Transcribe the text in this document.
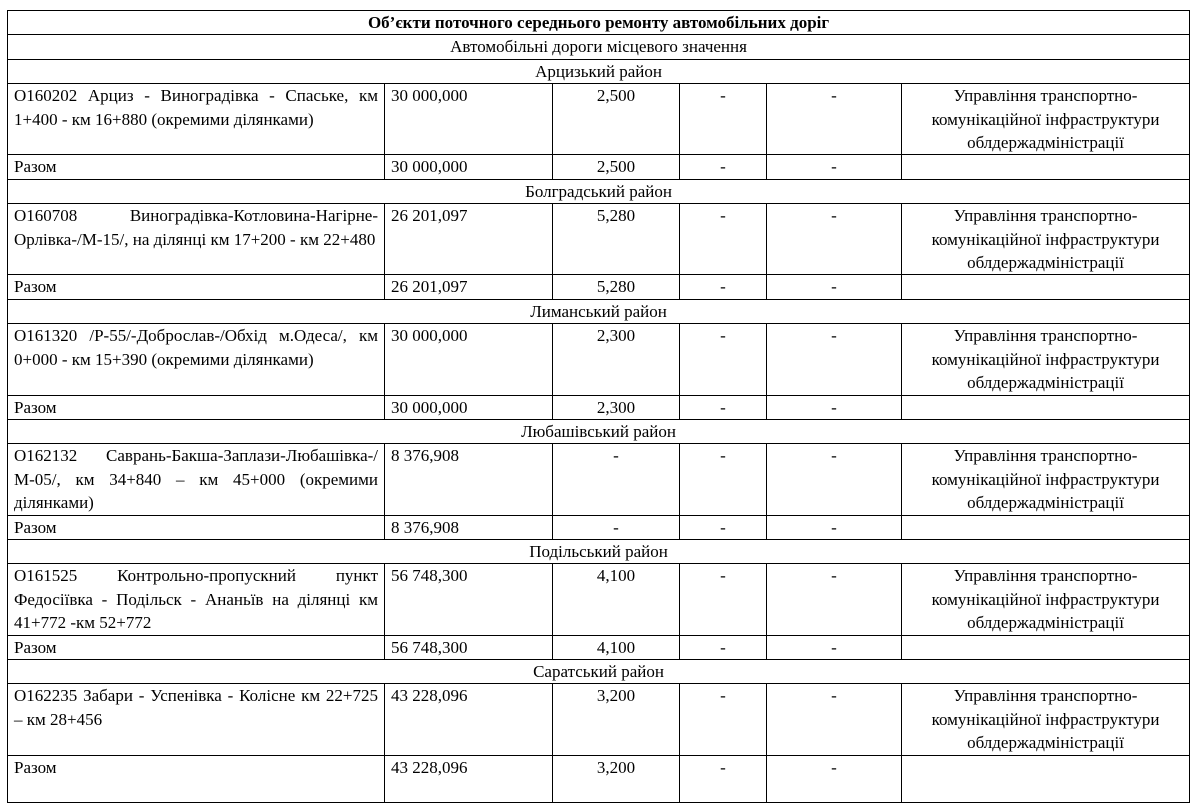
Об’єкти поточного середнього ремонту автомобільних доріг					
Автомобільні дороги місцевого значення					
Арцизький район					
О160202 Арциз - Виноградівка - Спаське, км 1+400 - км 16+880 (окремими ділянками)	30 000,000	2,500	-	-	Управління транспортно-комунікаційної інфраструктури облдержадміністрації
Разом	30 000,000	2,500	-	-	
Болградський район					
О160708 Виноградівка-Котловина-Нагірне-Орлівка-/М-15/, на ділянці км 17+200 - км 22+480	26 201,097	5,280	-	-	Управління транспортно-комунікаційної інфраструктури облдержадміністрації
Разом	26 201,097	5,280	-	-	
Лиманський район					
О161320 /Р-55/-Доброслав-/Обхід м.Одеса/, км 0+000 - км 15+390 (окремими ділянками)	30 000,000	2,300	-	-	Управління транспортно-комунікаційної інфраструктури облдержадміністрації
Разом	30 000,000	2,300	-	-	
Любашівський район					
О162132 Саврань-Бакша-Заплази-Любашівка-/М-05/, км 34+840 – км 45+000 (окремими ділянками)	8 376,908	-	-	-	Управління транспортно-комунікаційної інфраструктури облдержадміністрації
Разом	8 376,908	-	-	-	
Подільський район					
О161525 Контрольно-пропускний пункт Федосіївка - Подільск - Ананьїв на ділянці км 41+772 -км 52+772	56 748,300	4,100	-	-	Управління транспортно-комунікаційної інфраструктури облдержадміністрації
Разом	56 748,300	4,100	-	-	
Саратський район					
О162235 Забари - Успенівка - Колісне км 22+725 – км 28+456	43 228,096	3,200	-	-	Управління транспортно-комунікаційної інфраструктури облдержадміністрації
Разом	43 228,096	3,200	-	-	
